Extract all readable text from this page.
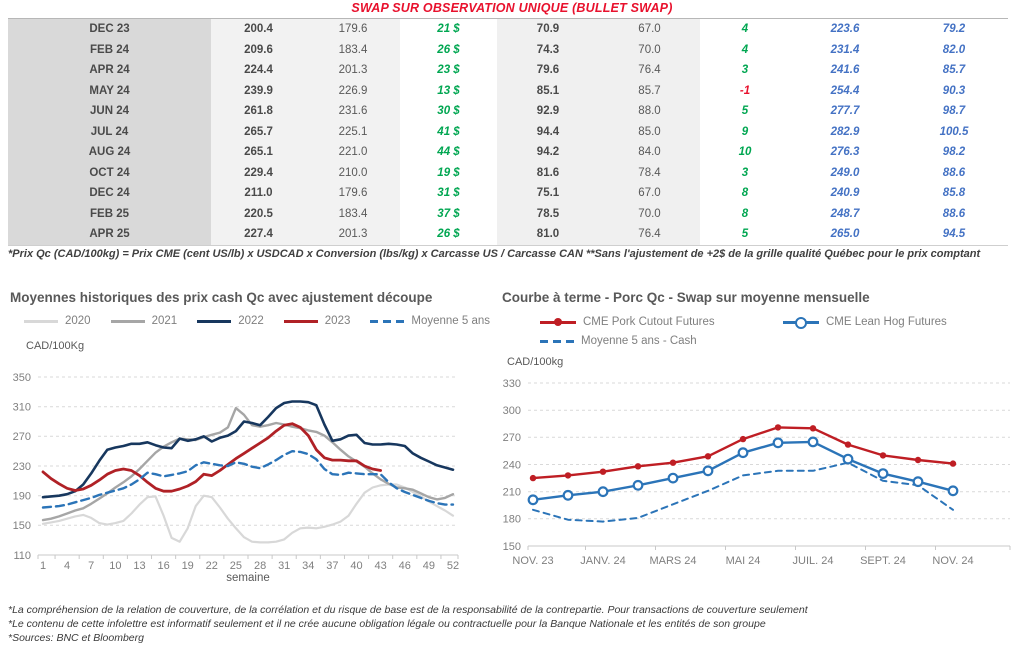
SWAP SUR OBSERVATION UNIQUE (BULLET SWAP)
DEC 23	200.4	179.6	21 $	70.9	67.0	4	223.6	79.2
FEB 24	209.6	183.4	26 $	74.3	70.0	4	231.4	82.0
APR 24	224.4	201.3	23 $	79.6	76.4	3	241.6	85.7
MAY 24	239.9	226.9	13 $	85.1	85.7	-1	254.4	90.3
JUN 24	261.8	231.6	30 $	92.9	88.0	5	277.7	98.7
JUL 24	265.7	225.1	41 $	94.4	85.0	9	282.9	100.5
AUG 24	265.1	221.0	44 $	94.2	84.0	10	276.3	98.2
OCT 24	229.4	210.0	19 $	81.6	78.4	3	249.0	88.6
DEC 24	211.0	179.6	31 $	75.1	67.0	8	240.9	85.8
FEB 25	220.5	183.4	37 $	78.5	70.0	8	248.7	88.6
APR 25	227.4	201.3	26 $	81.0	76.4	5	265.0	94.5
*Prix Qc (CAD/100kg) = Prix CME (cent US/lb) x USDCAD x Conversion (lbs/kg) x Carcasse US / Carcasse CAN **Sans l'ajustement de +2$ de la grille qualité Québec pour le prix comptant
Moyennes historiques des prix cash Qc avec ajustement découpe
2020	2021	2022	2023	Moyenne 5 ans
CAD/100Kg
350
310
270
230
190
150
110
1 4 7 10 13 16 19 22 25 28 31 34 37 40 43 46 49 52
semaine
Courbe à terme - Porc Qc - Swap sur moyenne mensuelle
CME Pork Cutout Futures	CME Lean Hog Futures
Moyenne 5 ans - Cash
CAD/100kg
330
300
270
240
210
180
150
NOV. 23 JANV. 24 MARS 24	MAI 24	JUIL. 24 SEPT. 24 NOV. 24
*La compréhension de la relation de couverture, de la corrélation et du risque de base est de la responsabilité de la contrepartie. Pour transactions de couverture seulement
*Le contenu de cette infolettre est informatif seulement et il ne crée aucune obligation légale ou contractuelle pour la Banque Nationale et les entités de son groupe
*Sources: BNC et Bloomberg
